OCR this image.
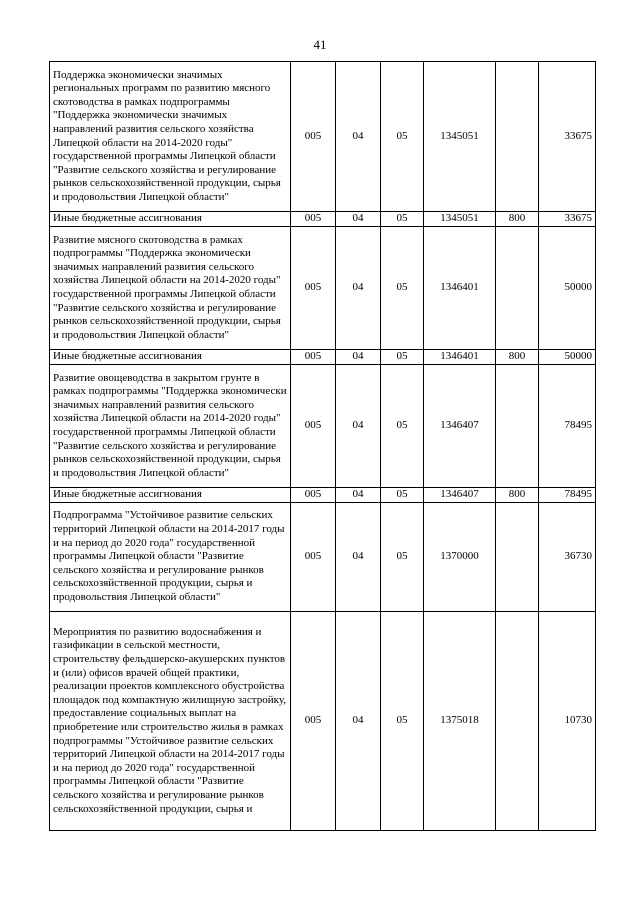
41
Поддержка экономически значимых региональных программ по развитию мясного скотоводства в рамках подпрограммы "Поддержка экономически значимых направлений развития сельского хозяйства Липецкой области на 2014-2020 годы" государственной программы Липецкой области "Развитие сельского хозяйства и регулирование рынков сельскохозяйственной продукции, сырья и продовольствия Липецкой области"	005	04	05	1345051		33675
Иные бюджетные ассигнования	005	04	05	1345051	800	33675
Развитие мясного скотоводства в рамках подпрограммы "Поддержка экономически значимых направлений развития сельского хозяйства Липецкой области на 2014-2020 годы" государственной программы Липецкой области "Развитие сельского хозяйства и регулирование рынков сельскохозяйственной продукции, сырья и продовольствия Липецкой области"	005	04	05	1346401		50000
Иные бюджетные ассигнования	005	04	05	1346401	800	50000
Развитие овощеводства в закрытом грунте в рамках подпрограммы "Поддержка экономически значимых направлений развития сельского хозяйства Липецкой области на 2014-2020 годы" государственной программы Липецкой области "Развитие сельского хозяйства и регулирование рынков сельскохозяйственной продукции, сырья и продовольствия Липецкой области"	005	04	05	1346407		78495
Иные бюджетные ассигнования	005	04	05	1346407	800	78495
Подпрограмма "Устойчивое развитие сельских территорий Липецкой области на 2014-2017 годы и на период до 2020 года" государственной программы Липецкой области "Развитие сельского хозяйства и регулирование рынков сельскохозяйственной продукции, сырья и продовольствия Липецкой области"	005	04	05	1370000		36730
Мероприятия по развитию водоснабжения и газификации в сельской местности, строительству фельдшерско-акушерских пунктов и (или) офисов врачей общей практики, реализации проектов комплексного обустройства площадок под компактную жилищную застройку, предоставление социальных выплат на приобретение или строительство жилья в рамках подпрограммы "Устойчивое развитие сельских территорий Липецкой области на 2014-2017 годы и на период до 2020 года" государственной программы Липецкой области "Развитие сельского хозяйства и регулирование рынков сельскохозяйственной продукции, сырья и	005	04	05	1375018		10730
